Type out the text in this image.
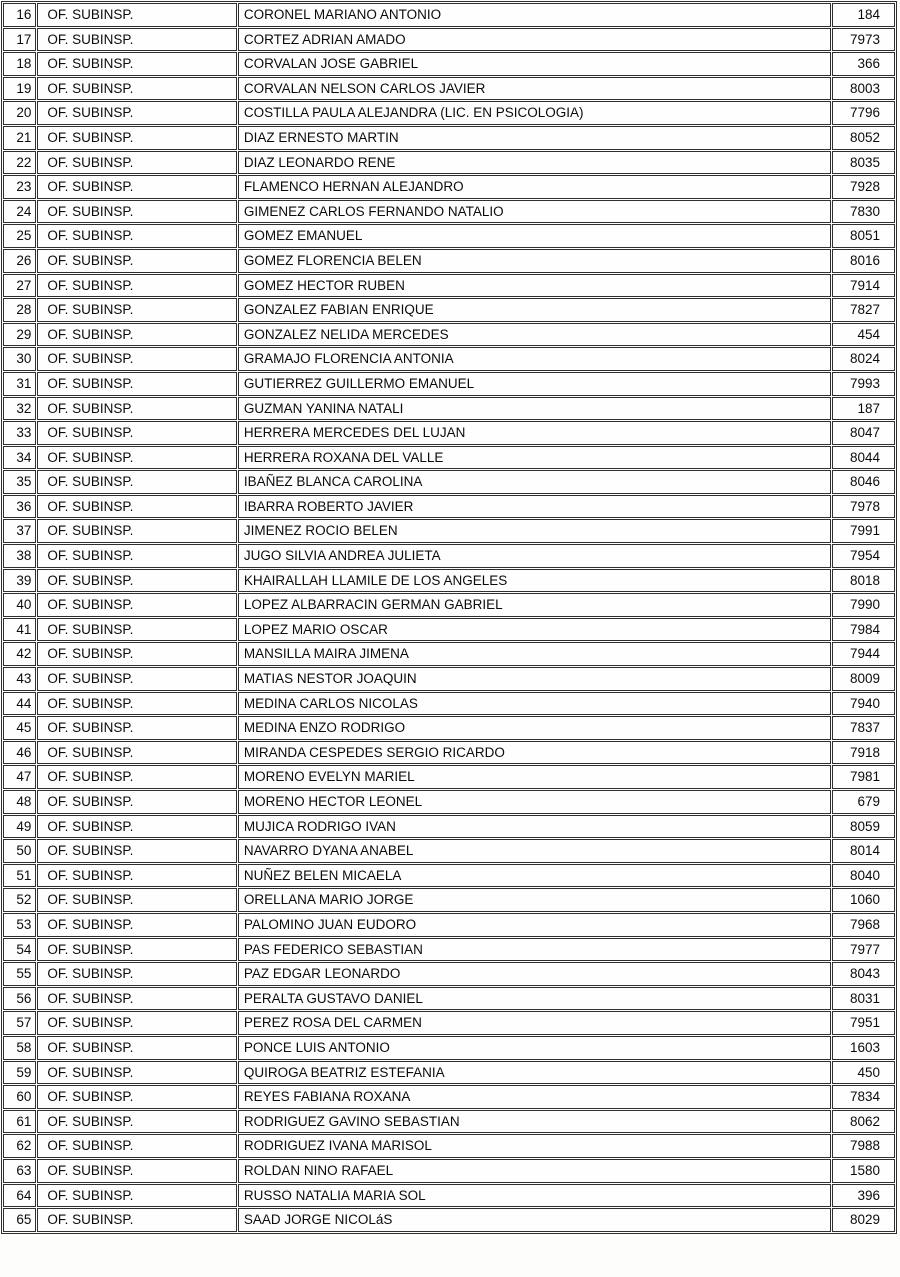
16	OF. SUBINSP.	CORONEL MARIANO ANTONIO	184
17	OF. SUBINSP.	CORTEZ ADRIAN AMADO	7973
18	OF. SUBINSP.	CORVALAN JOSE GABRIEL	366
19	OF. SUBINSP.	CORVALAN NELSON CARLOS JAVIER	8003
20	OF. SUBINSP.	COSTILLA PAULA ALEJANDRA (LIC. EN PSICOLOGIA)	7796
21	OF. SUBINSP.	DIAZ ERNESTO MARTIN	8052
22	OF. SUBINSP.	DIAZ LEONARDO RENE	8035
23	OF. SUBINSP.	FLAMENCO HERNAN ALEJANDRO	7928
24	OF. SUBINSP.	GIMENEZ CARLOS FERNANDO NATALIO	7830
25	OF. SUBINSP.	GOMEZ EMANUEL	8051
26	OF. SUBINSP.	GOMEZ FLORENCIA BELEN	8016
27	OF. SUBINSP.	GOMEZ HECTOR RUBEN	7914
28	OF. SUBINSP.	GONZALEZ FABIAN ENRIQUE	7827
29	OF. SUBINSP.	GONZALEZ NELIDA MERCEDES	454
30	OF. SUBINSP.	GRAMAJO FLORENCIA ANTONIA	8024
31	OF. SUBINSP.	GUTIERREZ GUILLERMO EMANUEL	7993
32	OF. SUBINSP.	GUZMAN YANINA NATALI	187
33	OF. SUBINSP.	HERRERA MERCEDES DEL LUJAN	8047
34	OF. SUBINSP.	HERRERA ROXANA DEL VALLE	8044
35	OF. SUBINSP.	IBAÑEZ BLANCA CAROLINA	8046
36	OF. SUBINSP.	IBARRA ROBERTO JAVIER	7978
37	OF. SUBINSP.	JIMENEZ ROCIO BELEN	7991
38	OF. SUBINSP.	JUGO SILVIA ANDREA JULIETA	7954
39	OF. SUBINSP.	KHAIRALLAH LLAMILE DE LOS ANGELES	8018
40	OF. SUBINSP.	LOPEZ ALBARRACIN GERMAN GABRIEL	7990
41	OF. SUBINSP.	LOPEZ MARIO OSCAR	7984
42	OF. SUBINSP.	MANSILLA MAIRA JIMENA	7944
43	OF. SUBINSP.	MATIAS NESTOR JOAQUIN	8009
44	OF. SUBINSP.	MEDINA CARLOS NICOLAS	7940
45	OF. SUBINSP.	MEDINA ENZO RODRIGO	7837
46	OF. SUBINSP.	MIRANDA CESPEDES SERGIO RICARDO	7918
47	OF. SUBINSP.	MORENO EVELYN MARIEL	7981
48	OF. SUBINSP.	MORENO HECTOR LEONEL	679
49	OF. SUBINSP.	MUJICA RODRIGO IVAN	8059
50	OF. SUBINSP.	NAVARRO DYANA ANABEL	8014
51	OF. SUBINSP.	NUÑEZ BELEN MICAELA	8040
52	OF. SUBINSP.	ORELLANA MARIO JORGE	1060
53	OF. SUBINSP.	PALOMINO JUAN EUDORO	7968
54	OF. SUBINSP.	PAS FEDERICO SEBASTIAN	7977
55	OF. SUBINSP.	PAZ EDGAR LEONARDO	8043
56	OF. SUBINSP.	PERALTA GUSTAVO DANIEL	8031
57	OF. SUBINSP.	PEREZ ROSA DEL CARMEN	7951
58	OF. SUBINSP.	PONCE LUIS ANTONIO	1603
59	OF. SUBINSP.	QUIROGA BEATRIZ ESTEFANIA	450
60	OF. SUBINSP.	REYES FABIANA ROXANA	7834
61	OF. SUBINSP.	RODRIGUEZ GAVINO SEBASTIAN	8062
62	OF. SUBINSP.	RODRIGUEZ IVANA MARISOL	7988
63	OF. SUBINSP.	ROLDAN NINO RAFAEL	1580
64	OF. SUBINSP.	RUSSO NATALIA MARIA SOL	396
65	OF. SUBINSP.	SAAD JORGE NICOLáS	8029
